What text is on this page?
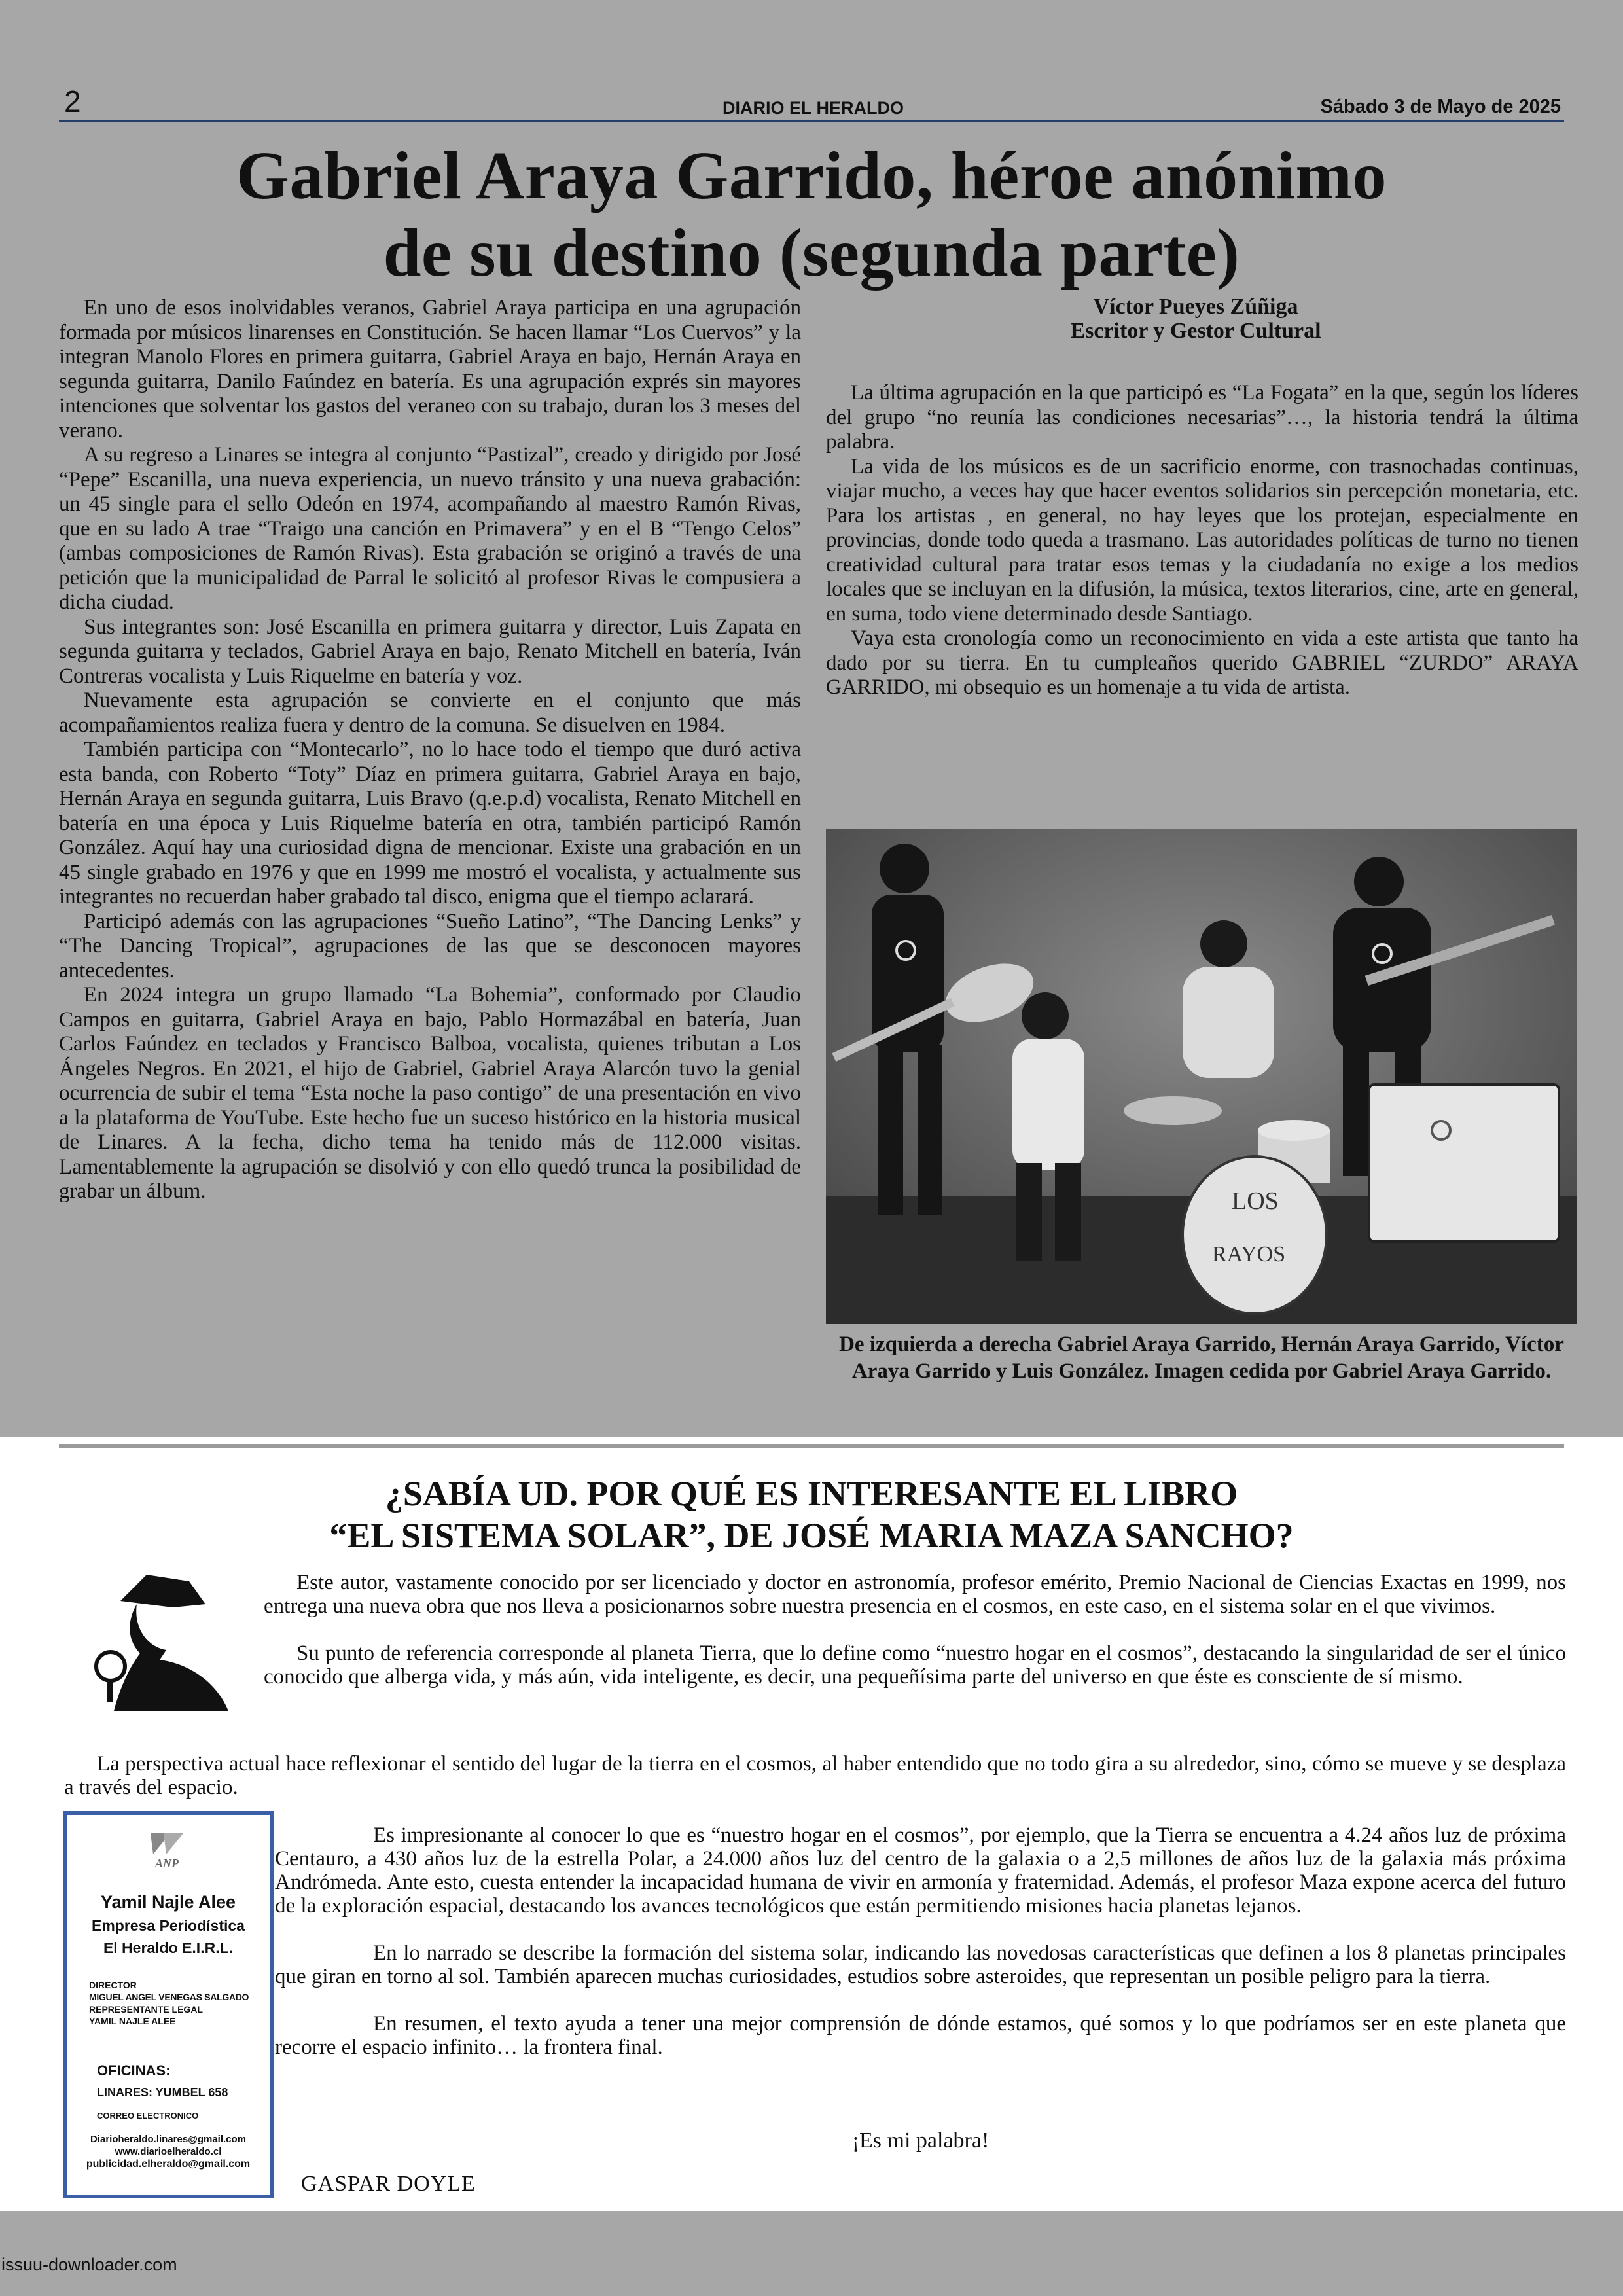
2	DIARIO EL HERALDO	Sábado 3 de Mayo de 2025
Gabriel Araya Garrido, héroe anónimo
de su destino (segunda parte)

En uno de esos inolvidables veranos, Gabriel Araya participa en una agrupación formada por músicos linarenses en Constitución. Se hacen llamar “Los Cuervos” y la integran Manolo Flores en primera guitarra, Gabriel Araya en bajo, Hernán Araya en segunda guitarra, Danilo Faúndez en batería. Es una agrupación exprés sin mayores intenciones que solventar los gastos del veraneo con su trabajo, duran los 3 meses del verano.

A su regreso a Linares se integra al conjunto “Pastizal”, creado y dirigido por José “Pepe” Escanilla, una nueva experiencia, un nuevo tránsito y una nueva grabación: un 45 single para el sello Odeón en 1974, acompañando al maestro Ramón Rivas, que en su lado A trae “Traigo una canción en Primavera” y en el B “Tengo Celos” (ambas composiciones de Ramón Rivas). Esta grabación se originó a través de una petición que la municipalidad de Parral le solicitó al profesor Rivas le compusiera a dicha ciudad.

Sus integrantes son: José Escanilla en primera guitarra y director, Luis Zapata en segunda guitarra y teclados, Gabriel Araya en bajo, Renato Mitchell en batería, Iván Contreras vocalista y Luis Riquelme en batería y voz.

Nuevamente esta agrupación se convierte en el conjunto que más acompañamientos realiza fuera y dentro de la comuna. Se disuelven en 1984.

También participa con “Montecarlo”, no lo hace todo el tiempo que duró activa esta banda, con Roberto “Toty” Díaz en primera guitarra, Gabriel Araya en bajo, Hernán Araya en segunda guitarra, Luis Bravo (q.e.p.d) vocalista, Renato Mitchell en batería en una época y Luis Riquelme batería en otra, también participó Ramón González. Aquí hay una curiosidad digna de mencionar. Existe una grabación en un 45 single grabado en 1976 y que en 1999 me mostró el vocalista, y actualmente sus integrantes no recuerdan haber grabado tal disco, enigma que el tiempo aclarará.

Participó además con las agrupaciones “Sueño Latino”, “The Dancing Lenks” y “The Dancing Tropical”, agrupaciones de las que se desconocen mayores antecedentes.

En 2024 integra un grupo llamado “La Bohemia”, conformado por Claudio Campos en guitarra, Gabriel Araya en bajo, Pablo Hormazábal en batería, Juan Carlos Faúndez en teclados y Francisco Balboa, vocalista, quienes tributan a Los Ángeles Negros. En 2021, el hijo de Gabriel, Gabriel Araya Alarcón tuvo la genial ocurrencia de subir el tema “Esta noche la paso contigo” de una presentación en vivo a la plataforma de YouTube. Este hecho fue un suceso histórico en la historia musical de Linares. A la fecha, dicho tema ha tenido más de 112.000 visitas. Lamentablemente la agrupación se disolvió y con ello quedó trunca la posibilidad de grabar un álbum.

Víctor Pueyes Zúñiga
Escritor y Gestor Cultural

La última agrupación en la que participó es “La Fogata” en la que, según los líderes del grupo “no reunía las condiciones necesarias”…, la historia tendrá la última palabra.

La vida de los músicos es de un sacrificio enorme, con trasnochadas continuas, viajar mucho, a veces hay que hacer eventos solidarios sin percepción monetaria, etc. Para los artistas , en general, no hay leyes que los protejan, especialmente en provincias, donde todo queda a trasmano. Las autoridades políticas de turno no tienen creatividad cultural para tratar esos temas y la ciudadanía no exige a los medios locales que se incluyan en la difusión, la música, textos literarios, cine, arte en general, en suma, todo viene determinado desde Santiago.

Vaya esta cronología como un reconocimiento en vida a este artista que tanto ha dado por su tierra. En tu cumpleaños querido GABRIEL “ZURDO” ARAYA GARRIDO, mi obsequio es un homenaje a tu vida de artista.

LOS
RAYOS
De izquierda a derecha Gabriel Araya Garrido, Hernán Araya Garrido, Víctor Araya Garrido y Luis González. Imagen cedida por Gabriel Araya Garrido.
¿SABÍA UD. POR QUÉ ES INTERESANTE EL LIBRO
“EL SISTEMA SOLAR”, DE JOSÉ MARIA MAZA SANCHO?

Este autor, vastamente conocido por ser licenciado y doctor en astronomía, profesor emérito, Premio Nacional de Ciencias Exactas en 1999, nos entrega una nueva obra que nos lleva a posicionarnos sobre nuestra presencia en el cosmos, en este caso, en el sistema solar en el que vivimos.

Su punto de referencia corresponde al planeta Tierra, que lo define como “nuestro hogar en el cosmos”, destacando la singularidad de ser el único conocido que alberga vida, y más aún, vida inteligente, es decir, una pequeñísima parte del universo en que éste es consciente de sí mismo.

La perspectiva actual hace reflexionar el sentido del lugar de la tierra en el cosmos, al haber entendido que no todo gira a su alrededor, sino, cómo se mueve y se desplaza a través del espacio.

Es impresionante al conocer lo que es “nuestro hogar en el cosmos”, por ejemplo, que la Tierra se encuentra a 4.24 años luz de próxima Centauro, a 430 años luz de la estrella Polar, a 24.000 años luz del centro de la galaxia o a 2,5 millones de años luz de la galaxia más próxima Andrómeda. Ante esto, cuesta entender la incapacidad humana de vivir en armonía y fraternidad. Además, el profesor Maza expone acerca del futuro de la exploración espacial, destacando los avances tecnológicos que están permitiendo misiones hacia planetas lejanos.

En lo narrado se describe la formación del sistema solar, indicando las novedosas características que definen a los 8 planetas principales que giran en torno al sol. También aparecen muchas curiosidades, estudios sobre asteroides, que representan un posible peligro para la tierra.

En resumen, el texto ayuda a tener una mejor comprensión de dónde estamos, qué somos y lo que podríamos ser en este planeta que recorre el espacio infinito… la frontera final.

¡Es mi palabra!
GASPAR DOYLE
ANP
Yamil Najle Alee
Empresa Periodística
El Heraldo E.I.R.L.
DIRECTOR
MIGUEL ANGEL VENEGAS SALGADO
REPRESENTANTE LEGAL
YAMIL NAJLE ALEE
OFICINAS:
LINARES: YUMBEL 658
CORREO ELECTRONICO
Diarioheraldo.linares@gmail.com
www.diarioelheraldo.cl
publicidad.elheraldo@gmail.com
issuu-downloader.com
